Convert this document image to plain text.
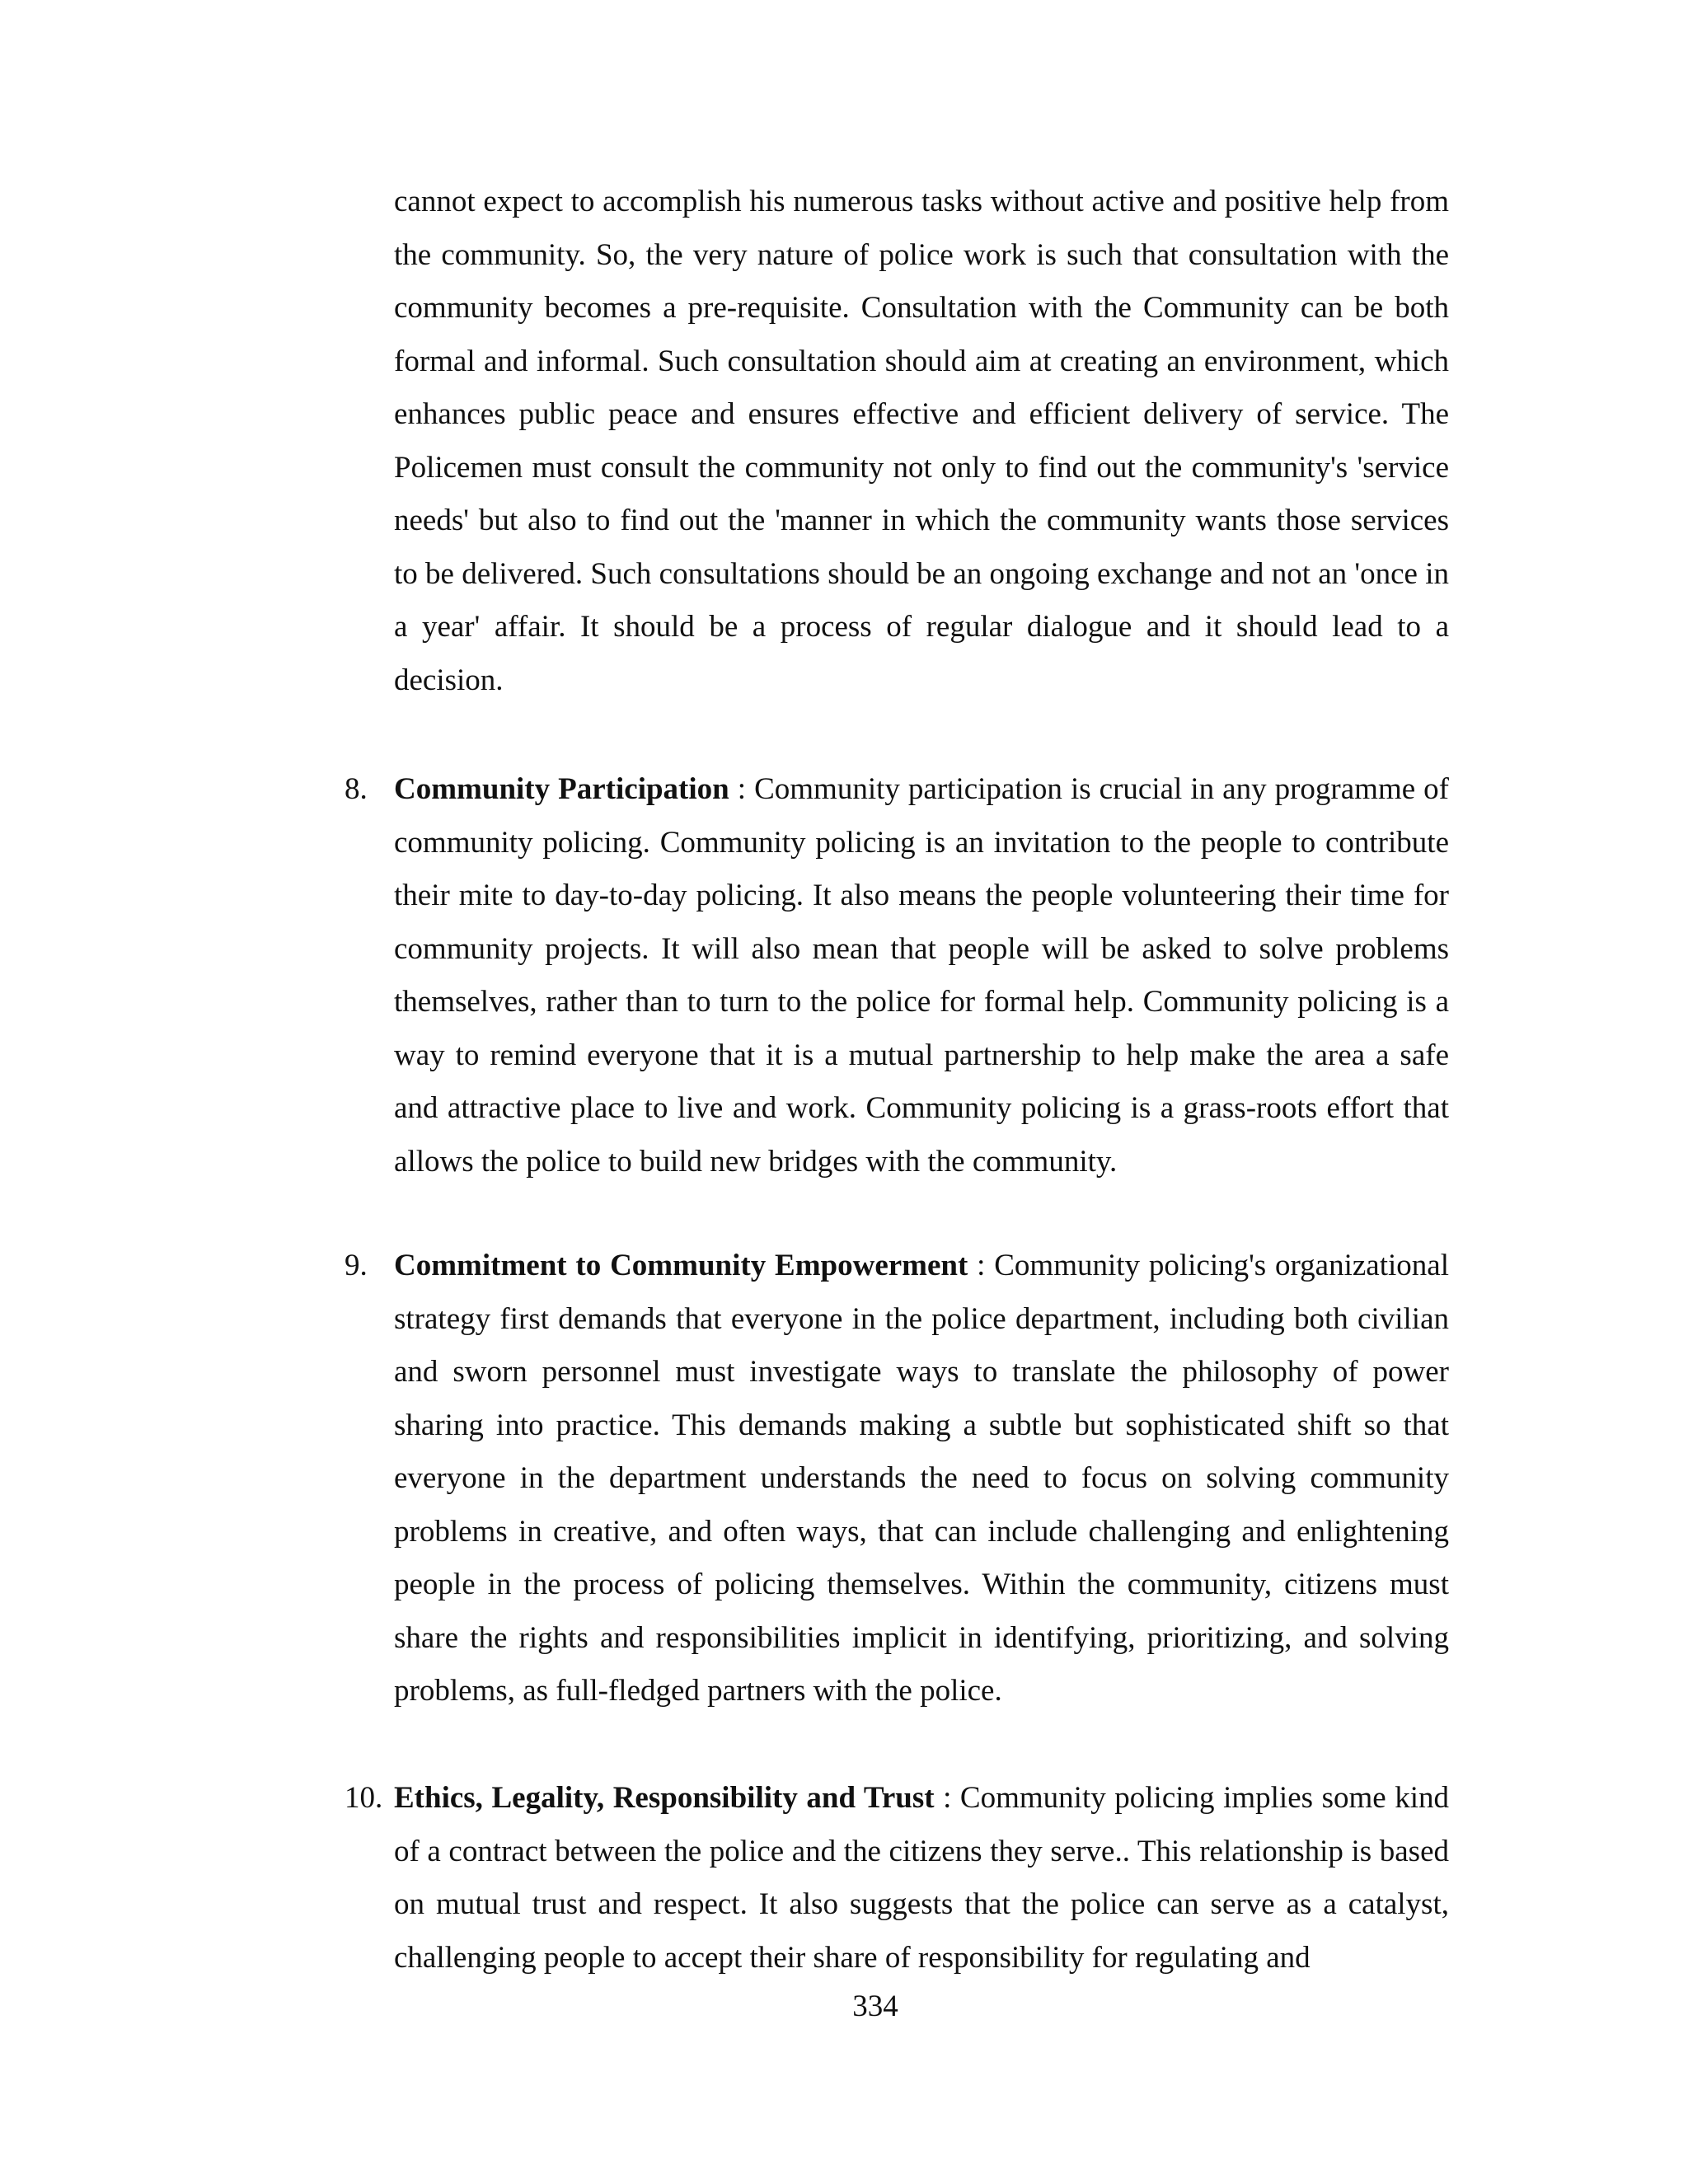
cannot expect to accomplish his numerous tasks without active and positive help from the community. So, the very nature of police work is such that consultation with the community becomes a pre-requisite. Consultation with the Community can be both formal and informal. Such consultation should aim at creating an environment, which enhances public peace and ensures effective and efficient delivery of service. The Policemen must consult the community not only to find out the community's 'service needs' but also to find out the 'manner in which the community wants those services to be delivered. Such consultations should be an ongoing exchange and not an 'once in a year' affair. It should be a process of regular dialogue and it should lead to a decision.

8. Community Participation : Community participation is crucial in any programme of community policing. Community policing is an invitation to the people to contribute their mite to day-to-day policing. It also means the people volunteering their time for community projects. It will also mean that people will be asked to solve problems themselves, rather than to turn to the police for formal help. Community policing is a way to remind everyone that it is a mutual partnership to help make the area a safe and attractive place to live and work. Community policing is a grass-roots effort that allows the police to build new bridges with the community.
9. Commitment to Community Empowerment : Community policing's organizational strategy first demands that everyone in the police department, including both civilian and sworn personnel must investigate ways to translate the philosophy of power sharing into practice. This demands making a subtle but sophisticated shift so that everyone in the department understands the need to focus on solving community problems in creative, and often ways, that can include challenging and enlightening people in the process of policing themselves. Within the community, citizens must share the rights and responsibilities implicit in identifying, prioritizing, and solving problems, as full-fledged partners with the police.
10. Ethics, Legality, Responsibility and Trust : Community policing implies some kind of a contract between the police and the citizens they serve.. This relationship is based on mutual trust and respect. It also suggests that the police can serve as a catalyst, challenging people to accept their share of responsibility for regulating and
334
